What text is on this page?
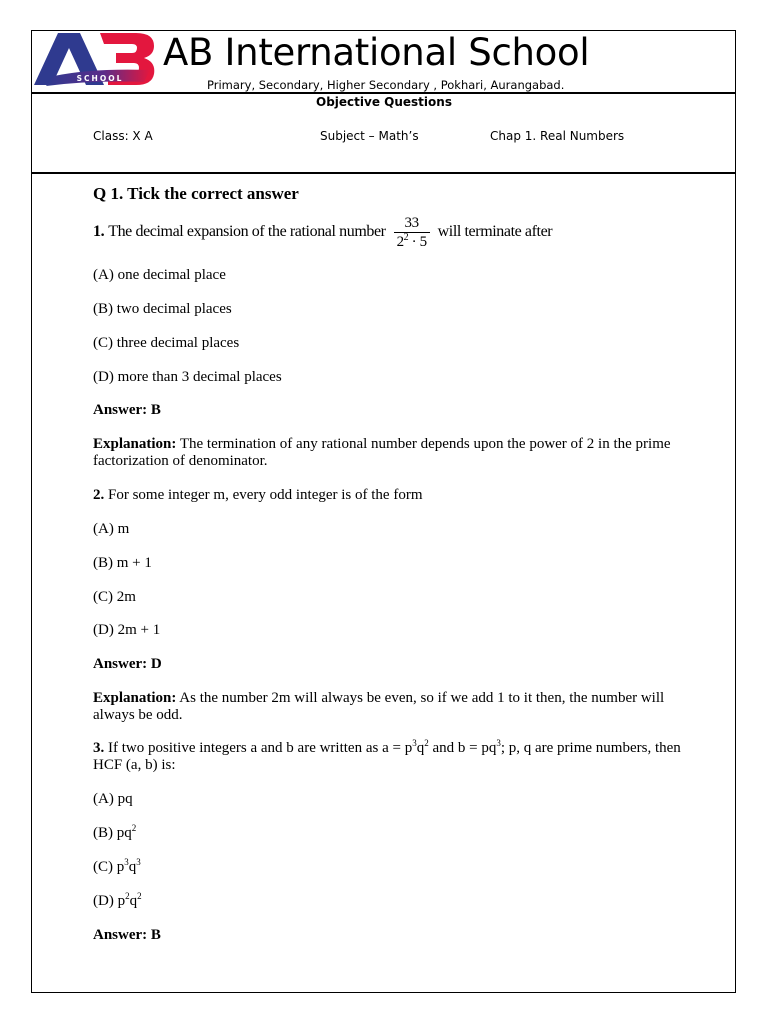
SCHOOL
AB International School
Primary, Secondary, Higher Secondary , Pokhari, Aurangabad.
Objective Questions
Class: X A	Subject – Math’s	Chap 1. Real Numbers
Q 1. Tick the correct answer
1. The decimal expansion of the rational number $\frac{33}{2^2 \cdot 5}$ will terminate after
(A) one decimal place
(B) two decimal places
(C) three decimal places
(D) more than 3 decimal places
Answer: B
Explanation: The termination of any rational number depends upon the power of 2 in the prime factorization of denominator.
2. For some integer m, every odd integer is of the form
(A) m
(B) m + 1
(C) 2m
(D) 2m + 1
Answer: D
Explanation: As the number 2m will always be even, so if we add 1 to it then, the number will always be odd.
3. If two positive integers a and b are written as $a = p^3q^2$ and $b = pq^3$; p, q are prime numbers, then HCF (a, b) is:
(A) pq
(B) $pq^2$
(C) $p^3q^3$
(D) $p^2q^2$
Answer: B
